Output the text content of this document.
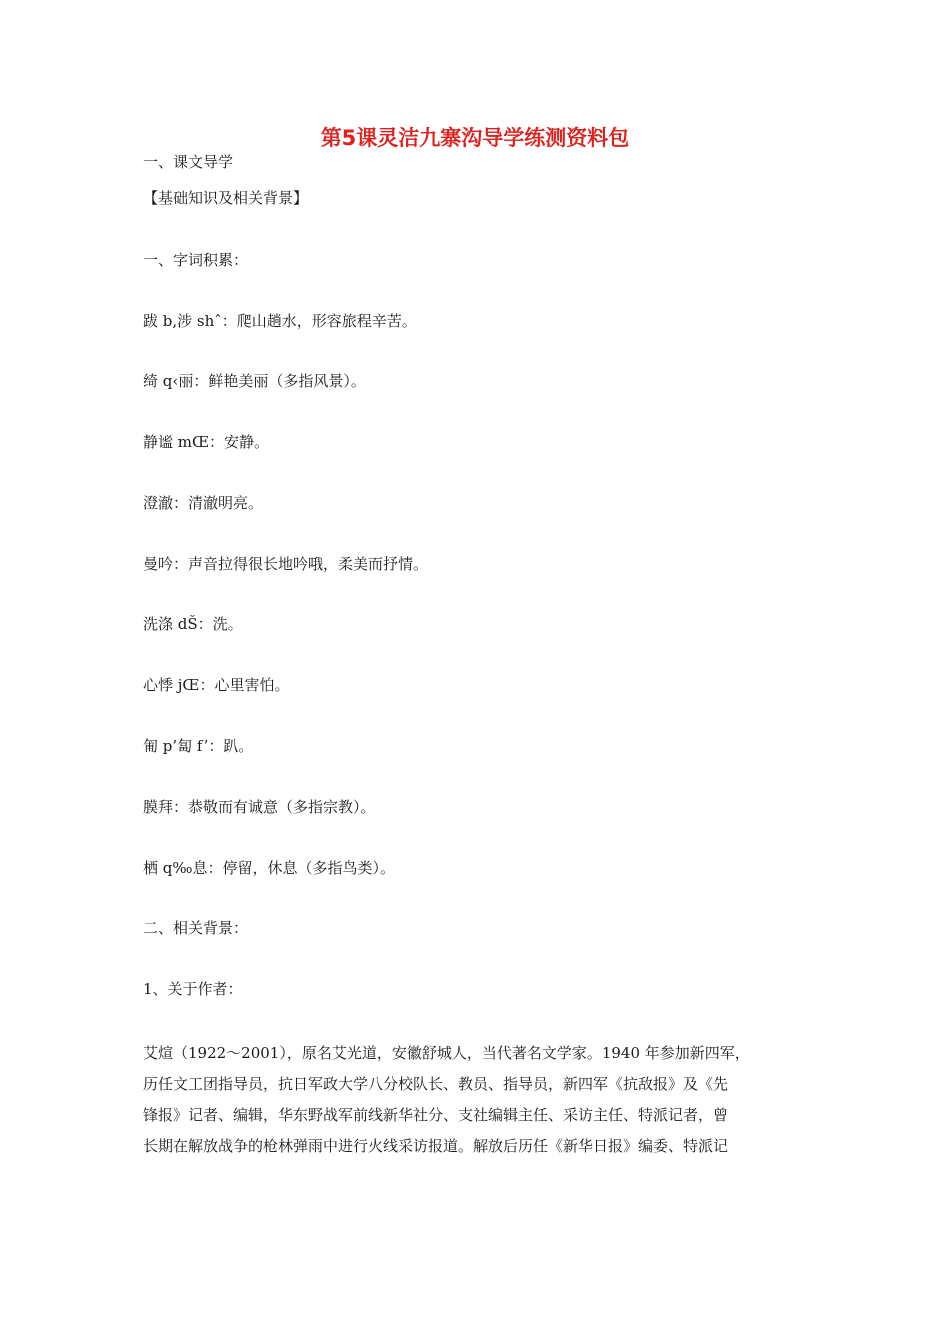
第5课灵洁九寨沟导学练测资料包
一、课文导学
【基础知识及相关背景】
一、字词积累：
跋 b,涉 shˆ：爬山趟水，形容旅程辛苦。
绮 q‹丽：鲜艳美丽（多指风景）。
静谧 mŒ：安静。
澄澈：清澈明亮。
曼吟：声音拉得很长地吟哦，柔美而抒情。
洗涤 dŠ：洗。
心悸 jŒ：心里害怕。
匍 p’匐 f’：趴。
膜拜：恭敬而有诚意（多指宗教）。
栖 q‰息：停留，休息（多指鸟类）。
二、相关背景：
1、关于作者：
艾煊（1922～2001），原名艾光道，安徽舒城人，当代著名文学家。1940 年参加新四军，
历任文工团指导员，抗日军政大学八分校队长、教员、指导员，新四军《抗敌报》及《先
锋报》记者、编辑，华东野战军前线新华社分、支社编辑主任、采访主任、特派记者，曾
长期在解放战争的枪林弹雨中进行火线采访报道。解放后历任《新华日报》编委、特派记
